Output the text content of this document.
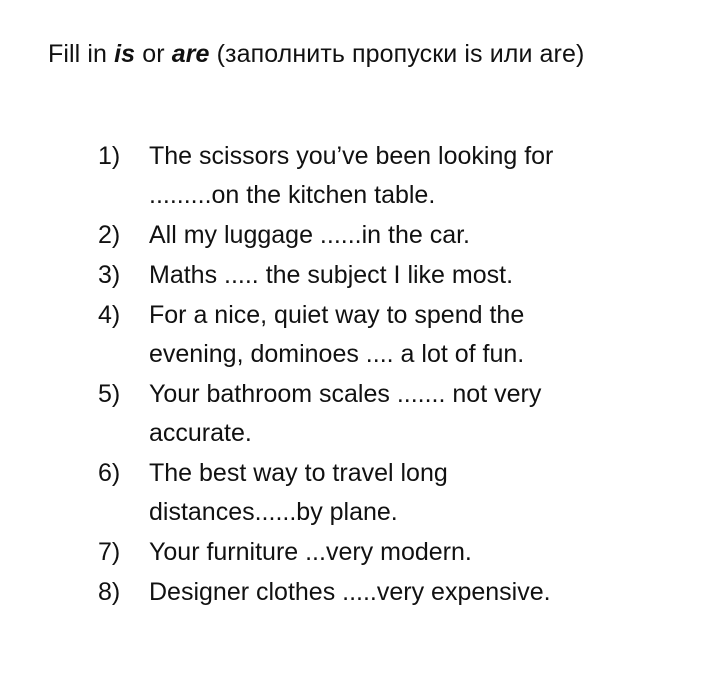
Fill in is or are (заполнить пропуски is или are)
1)	The scissors you’ve been looking for .........on the kitchen table.
2)	All my luggage ......in the car.
3)	Maths ..... the subject I like most.
4)	For a nice, quiet way to spend the evening, dominoes .... a lot of fun.
5)	Your bathroom scales ....... not very accurate.
6)	The best way to travel long distances......by plane.
7)	Your furniture ...very modern.
8)	Designer clothes .....very expensive.
